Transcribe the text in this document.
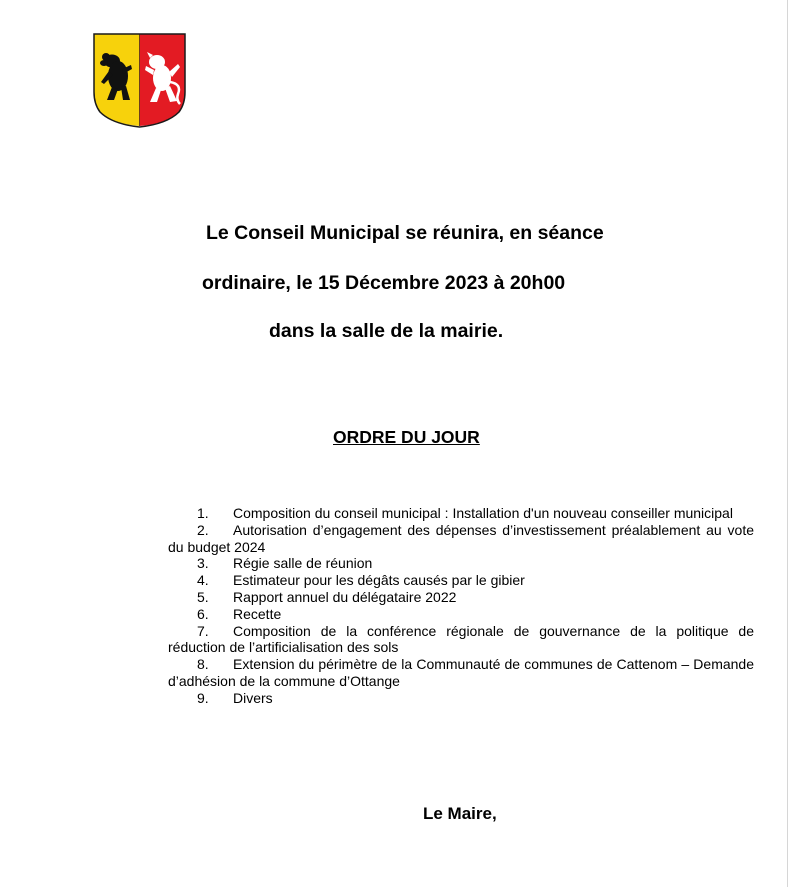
Le Conseil Municipal se réunira, en séance
ordinaire, le 15 Décembre 2023 à 20h00
dans la salle de la mairie.
ORDRE DU JOUR
1.	Composition du conseil municipal : Installation d'un nouveau conseiller municipal
2.	Autorisation d’engagement des dépenses d’investissement préalablement au vote du budget 2024
3.	Régie salle de réunion
4.	Estimateur pour les dégâts causés par le gibier
5.	Rapport annuel du délégataire 2022
6.	Recette
7.	Composition de la conférence régionale de gouvernance de la politique de réduction de l’artificialisation des sols
8.	Extension du périmètre de la Communauté de communes de Cattenom – Demande d’adhésion de la commune d’Ottange
9.	Divers
Le Maire,
